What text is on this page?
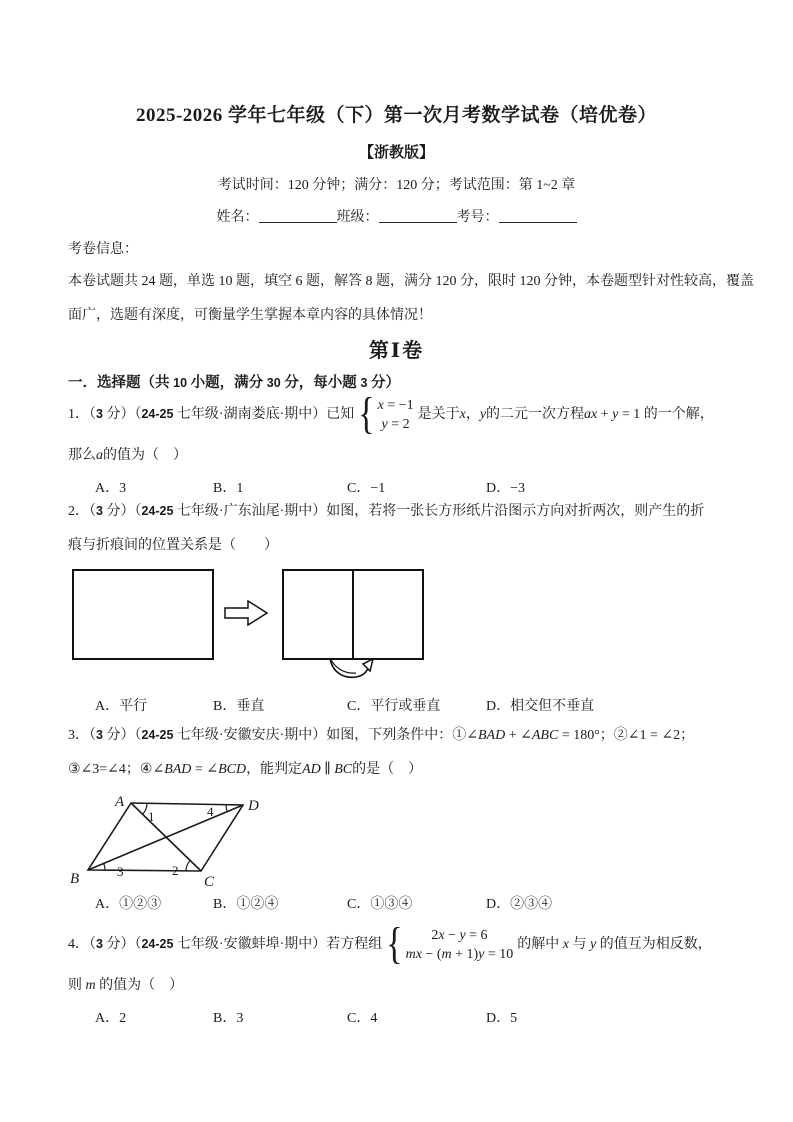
2025-2026 学年七年级（下）第一次月考数学试卷（培优卷）
【浙教版】
考试时间：120 分钟；满分：120 分；考试范围：第 1~2 章
姓名：	班级：	考号：
考卷信息：
本卷试题共 24 题，单选 10 题，填空 6 题，解答 8 题，满分 120 分，限时 120 分钟，本卷题型针对性较高，覆盖
面广，选题有深度，可衡量学生掌握本章内容的具体情况！
第Ⅰ卷
一．选择题（共 10 小题，满分 30 分，每小题 3 分）
1．（3 分）（24-25 七年级·湖南娄底·期中）已知 { x = −1
y = 2
是关于x，y的二元一次方程ax + y = 1 的一个解，
那么a的值为（　）
A．3	B．1	C．−1	D．−3
2．（3 分）（24-25 七年级·广东汕尾·期中）如图，若将一张长方形纸片沿图示方向对折两次，则产生的折
痕与折痕间的位置关系是（　　）
A．平行	B．垂直	C．平行或垂直	D．相交但不垂直
3．（3 分）（24-25 七年级·安徽安庆·期中）如图，下列条件中：①∠BAD + ∠ABC = 180°；②∠1 = ∠2；
③∠3=∠4；④∠BAD = ∠BCD，能判定AD ∥ BC的是（　）
A	D
B	C
1	4
3	2
A．①②③	B．①②④	C．①③④	D．②③④
4．（3 分）（24-25 七年级·安徽蚌埠·期中）若方程组 { 2x − y = 6
mx − (m + 1)y = 10
的解中 x 与 y 的值互为相反数，
则 m 的值为（　）
A．2	B．3	C．4	D．5
